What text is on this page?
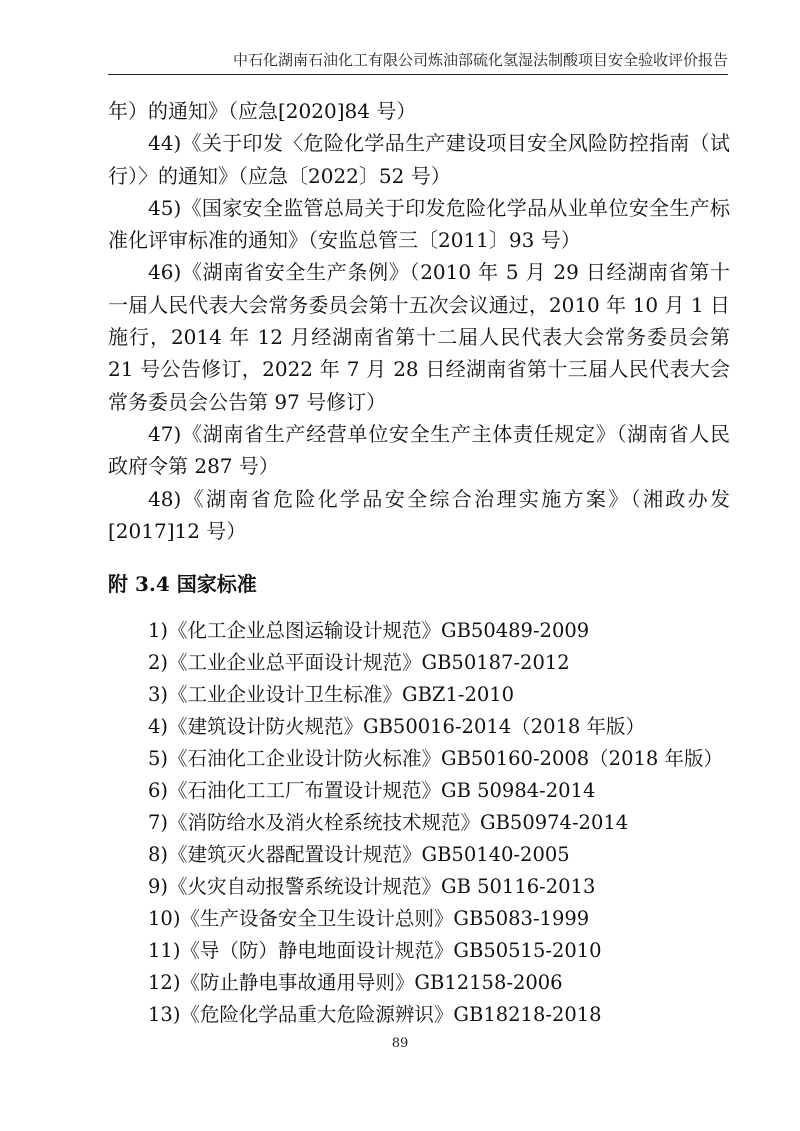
中石化湖南石油化工有限公司炼油部硫化氢湿法制酸项目安全验收评价报告

年）的通知》（应急[2020]84 号）

44)《关于印发〈危险化学品生产建设项目安全风险防控指南（试行）〉的通知》（应急〔2022〕52 号）

45)《国家安全监管总局关于印发危险化学品从业单位安全生产标准化评审标准的通知》（安监总管三〔2011〕93 号）

46)《湖南省安全生产条例》（2010 年 5 月 29 日经湖南省第十一届人民代表大会常务委员会第十五次会议通过，2010 年 10 月 1 日施行，2014 年 12 月经湖南省第十二届人民代表大会常务委员会第 21 号公告修订，2022 年 7 月 28 日经湖南省第十三届人民代表大会常务委员会公告第 97 号修订）

47)《湖南省生产经营单位安全生产主体责任规定》（湖南省人民政府令第 287 号）

48)《湖南省危险化学品安全综合治理实施方案》（湘政办发[2017]12 号）

附 3.4 国家标准
1)《化工企业总图运输设计规范》GB50489-2009
2)《工业企业总平面设计规范》GB50187-2012
3)《工业企业设计卫生标准》GBZ1-2010
4)《建筑设计防火规范》GB50016-2014（2018 年版）
5)《石油化工企业设计防火标准》GB50160-2008（2018 年版）
6)《石油化工工厂布置设计规范》GB 50984-2014
7)《消防给水及消火栓系统技术规范》GB50974-2014
8)《建筑灭火器配置设计规范》GB50140-2005
9)《火灾自动报警系统设计规范》GB 50116-2013
10)《生产设备安全卫生设计总则》GB5083-1999
11)《导（防）静电地面设计规范》GB50515-2010
12)《防止静电事故通用导则》GB12158-2006
13)《危险化学品重大危险源辨识》GB18218-2018
89
